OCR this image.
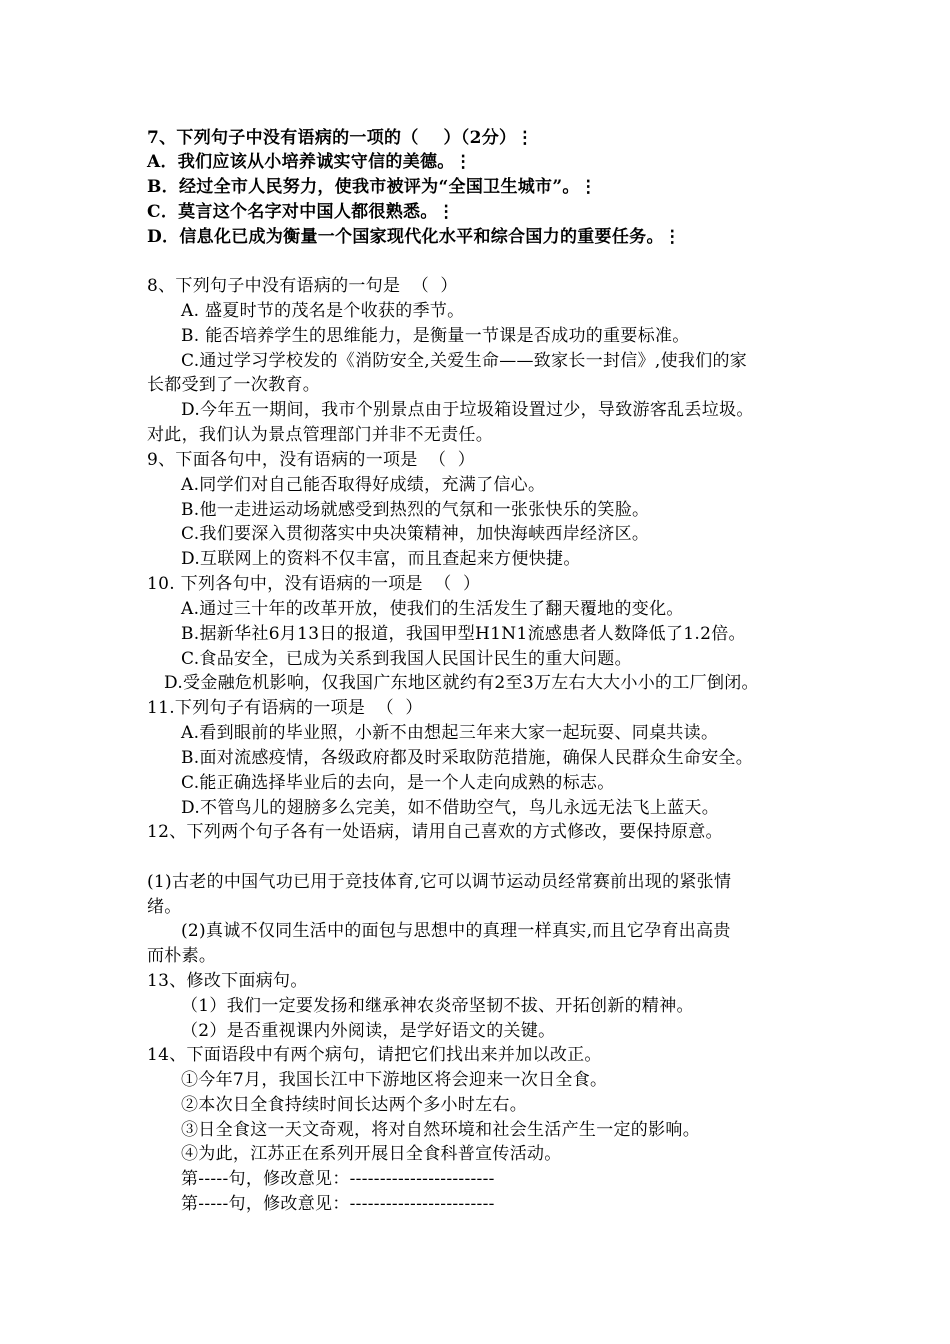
7、下列句子中没有语病的一项的（    ）（2分）⋮
A．我们应该从小培养诚实守信的美德。⋮
B．经过全市人民努力，使我市被评为“全国卫生城市”。⋮
C．莫言这个名字对中国人都很熟悉。⋮
D．信息化已成为衡量一个国家现代化水平和综合国力的重要任务。⋮
8、下列句子中没有语病的一句是  （  ）
A. 盛夏时节的茂名是个收获的季节。
B. 能否培养学生的思维能力，是衡量一节课是否成功的重要标准。
C.通过学习学校发的《消防安全,关爱生命——致家长一封信》,使我们的家
长都受到了一次教育。
D.今年五一期间，我市个别景点由于垃圾箱设置过少，导致游客乱丢垃圾。
对此，我们认为景点管理部门并非不无责任。
9、下面各句中，没有语病的一项是  （  ）
A.同学们对自己能否取得好成绩，充满了信心。
B.他一走进运动场就感受到热烈的气氛和一张张快乐的笑脸。
C.我们要深入贯彻落实中央决策精神，加快海峡西岸经济区。
D.互联网上的资料不仅丰富，而且查起来方便快捷。
10. 下列各句中，没有语病的一项是  （  ）
A.通过三十年的改革开放，使我们的生活发生了翻天覆地的变化。
B.据新华社6月13日的报道，我国甲型H1N1流感患者人数降低了1.2倍。
C.食品安全，已成为关系到我国人民国计民生的重大问题。
D.受金融危机影响，仅我国广东地区就约有2至3万左右大大小小的工厂倒闭。
11.下列句子有语病的一项是  （  ）
A.看到眼前的毕业照，小新不由想起三年来大家一起玩耍、同桌共读。
B.面对流感疫情，各级政府都及时采取防范措施，确保人民群众生命安全。
C.能正确选择毕业后的去向，是一个人走向成熟的标志。
D.不管鸟儿的翅膀多么完美，如不借助空气，鸟儿永远无法飞上蓝天。
12、下列两个句子各有一处语病，请用自己喜欢的方式修改，要保持原意。
(1)古老的中国气功已用于竞技体育,它可以调节运动员经常赛前出现的紧张情
绪。
(2)真诚不仅同生活中的面包与思想中的真理一样真实,而且它孕育出高贵
而朴素。
13、修改下面病句。
（1）我们一定要发扬和继承神农炎帝坚韧不拔、开拓创新的精神。
（2）是否重视课内外阅读，是学好语文的关键。
14、下面语段中有两个病句，请把它们找出来并加以改正。
①今年7月，我国长江中下游地区将会迎来一次日全食。
②本次日全食持续时间长达两个多小时左右。
③日全食这一天文奇观，将对自然环境和社会生活产生一定的影响。
④为此，江苏正在系列开展日全食科普宣传活动。
第-----句，修改意见：------------------------
第-----句，修改意见：------------------------
